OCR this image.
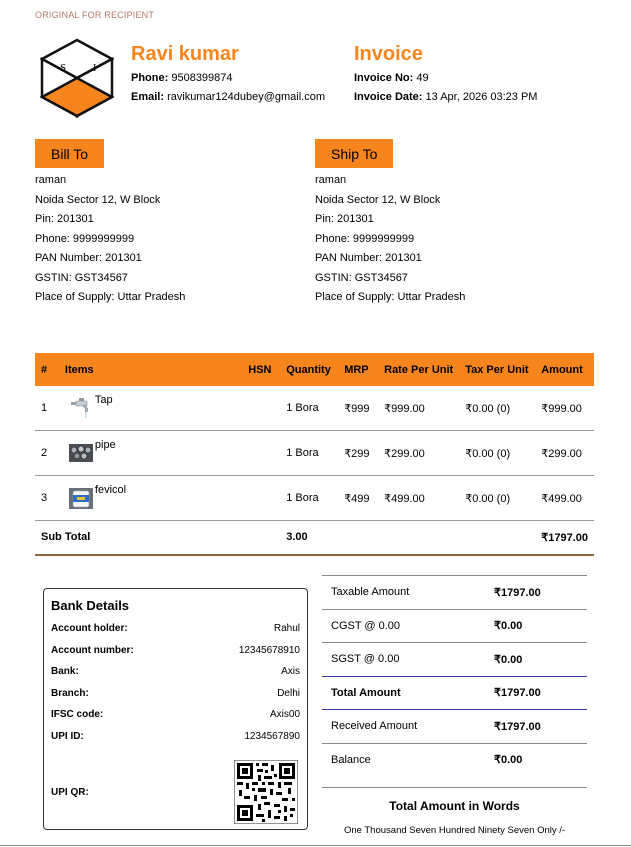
ORIGINAL FOR RECIPIENT
S	I
Ravi kumar
Phone: 9508399874
Email: ravikumar124dubey@gmail.com
Invoice
Invoice No: 49
Invoice Date: 13 Apr, 2026 03:23 PM
Bill To
raman
Noida Sector 12, W Block
Pin: 201301
Phone: 9999999999
PAN Number: 201301
GSTIN: GST34567
Place of Supply: Uttar Pradesh
Ship To
raman
Noida Sector 12, W Block
Pin: 201301
Phone: 9999999999
PAN Number: 201301
GSTIN: GST34567
Place of Supply: Uttar Pradesh
#	Items	HSN	Quantity	MRP	Rate Per Unit	Tax Per Unit	Amount
1	Tap		1 Bora	₹999	₹999.00	₹0.00 (0)	₹999.00
2	pipe		1 Bora	₹299	₹299.00	₹0.00 (0)	₹299.00
3	fevicol		1 Bora	₹499	₹499.00	₹0.00 (0)	₹499.00
Sub Total			3.00				₹1797.00
Bank Details
Account holder:	Rahul
Account number:	12345678910
Bank:	Axis
Branch:	Delhi
IFSC code:	Axis00
UPI ID:	1234567890
UPI QR:
Taxable Amount	₹1797.00
CGST @ 0.00	₹0.00
SGST @ 0.00	₹0.00
Total Amount	₹1797.00
Received Amount	₹1797.00
Balance	₹0.00
Total Amount in Words
One Thousand Seven Hundred Ninety Seven Only /-
